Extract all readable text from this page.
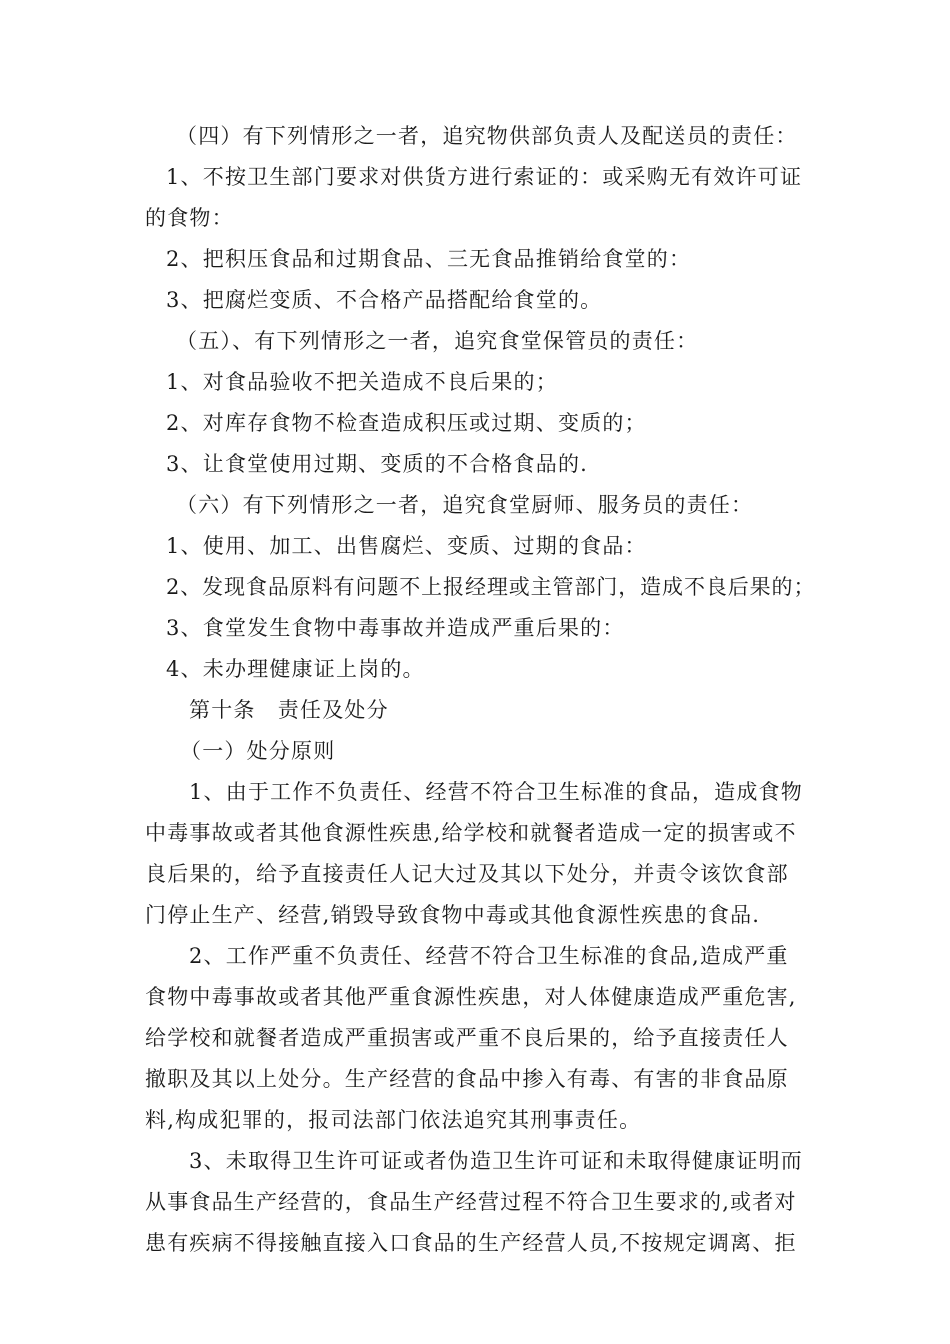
（四）有下列情形之一者，追究物供部负责人及配送员的责任：
1、不按卫生部门要求对供货方进行索证的：或采购无有效许可证
的食物：
2、把积压食品和过期食品、三无食品推销给食堂的：
3、把腐烂变质、不合格产品搭配给食堂的。
（五）、有下列情形之一者，追究食堂保管员的责任：
1、对食品验收不把关造成不良后果的；
2、对库存食物不检查造成积压或过期、变质的；
3、让食堂使用过期、变质的不合格食品的.
（六）有下列情形之一者，追究食堂厨师、服务员的责任：
1、使用、加工、出售腐烂、变质、过期的食品：
2、发现食品原料有问题不上报经理或主管部门，造成不良后果的；
3、食堂发生食物中毒事故并造成严重后果的：
4、未办理健康证上岗的。
第十条　责任及处分
（一）处分原则
1、由于工作不负责任、经营不符合卫生标准的食品，造成食物
中毒事故或者其他食源性疾患,给学校和就餐者造成一定的损害或不
良后果的，给予直接责任人记大过及其以下处分，并责令该饮食部
门停止生产、经营,销毁导致食物中毒或其他食源性疾患的食品.
2、工作严重不负责任、经营不符合卫生标准的食品,造成严重
食物中毒事故或者其他严重食源性疾患，对人体健康造成严重危害,
给学校和就餐者造成严重损害或严重不良后果的，给予直接责任人
撤职及其以上处分。生产经营的食品中掺入有毒、有害的非食品原
料,构成犯罪的，报司法部门依法追究其刑事责任。
3、未取得卫生许可证或者伪造卫生许可证和未取得健康证明而
从事食品生产经营的，食品生产经营过程不符合卫生要求的,或者对
患有疾病不得接触直接入口食品的生产经营人员,不按规定调离、拒
